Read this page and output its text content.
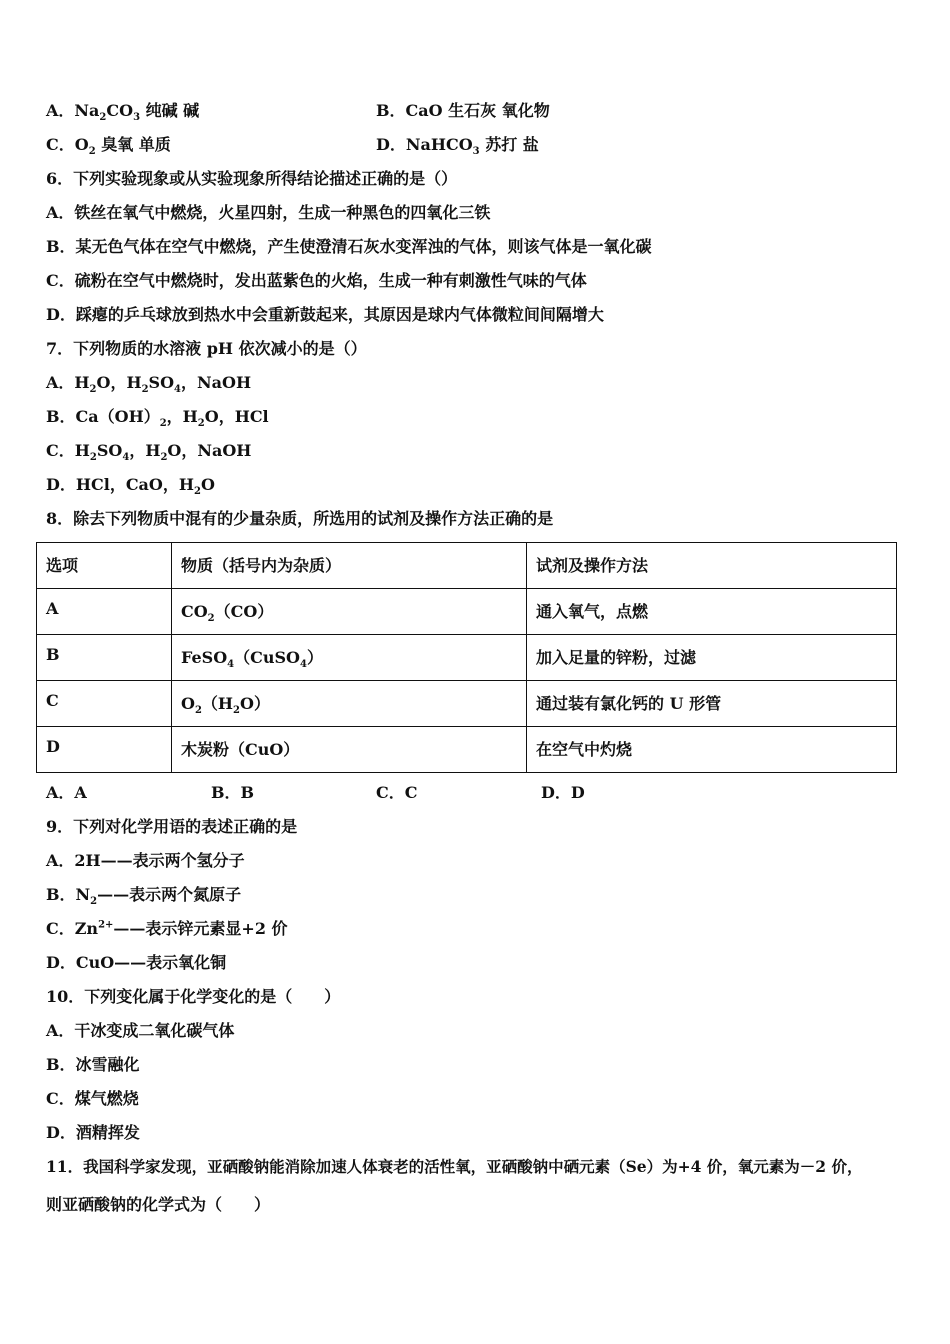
A．$Na_2CO_3$ 纯碱 碱	B．CaO 生石灰 氧化物
C．$O_2$ 臭氧 单质	D．NaHCO$_3$ 苏打 盐
6．下列实验现象或从实验现象所得结论描述正确的是（）
A．铁丝在氧气中燃烧，火星四射，生成一种黑色的四氧化三铁
B．某无色气体在空气中燃烧，产生使澄清石灰水变浑浊的气体，则该气体是一氧化碳
C．硫粉在空气中燃烧时，发出蓝紫色的火焰，生成一种有刺激性气味的气体
D．踩瘪的乒乓球放到热水中会重新鼓起来，其原因是球内气体微粒间间隔增大
7．下列物质的水溶液 pH 依次减小的是（）
A．$H_2O$，$H_2SO_4$，NaOH
B．$Ca(OH)_2$，$H_2O$，HCl
C．$H_2SO_4$，$H_2O$，NaOH
D．HCl，CaO，$H_2O$
8．除去下列物质中混有的少量杂质，所选用的试剂及操作方法正确的是
选项	物质（括号内为杂质）	试剂及操作方法
A	$CO_2(CO)$	通入氧气，点燃
B	FeSO$_4$（CuSO$_4$）	加入足量的锌粉，过滤
C	$O_2(H_2O)$	通过装有氯化钙的 U 形管
D	木炭粉（CuO）	在空气中灼烧
A．A	B．B	C．C	D．D
9．下列对化学用语的表述正确的是
A．2H——表示两个氢分子
B．$N_2——$表示两个氮原子
C．$Zn^{2+}——$表示锌元素显+2 价
D．CuO——表示氧化铜
10．下列变化属于化学变化的是（　　）
A．干冰变成二氧化碳气体
B．冰雪融化
C．煤气燃烧
D．酒精挥发
11．我国科学家发现，亚硒酸钠能消除加速人体衰老的活性氧，亚硒酸钠中硒元素（Se）为+4 价，氧元素为－2 价，
则亚硒酸钠的化学式为（　　）
